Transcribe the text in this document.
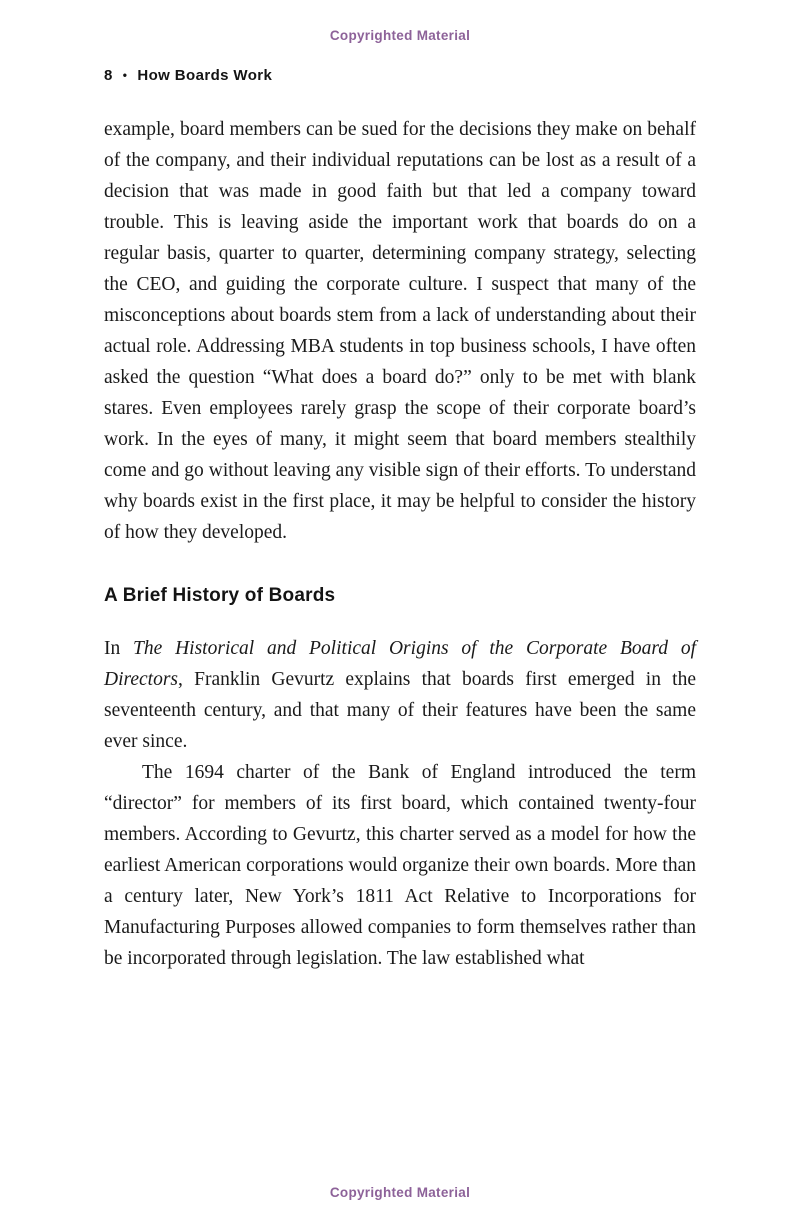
Copyrighted Material
8 • How Boards Work

example, board members can be sued for the decisions they make on behalf of the company, and their individual reputations can be lost as a result of a decision that was made in good faith but that led a company toward trouble. This is leaving aside the important work that boards do on a regular basis, quarter to quarter, determining company strategy, selecting the CEO, and guiding the corporate culture. I suspect that many of the misconceptions about boards stem from a lack of understanding about their actual role. Addressing MBA students in top business schools, I have often asked the question “What does a board do?” only to be met with blank stares. Even employees rarely grasp the scope of their corporate board’s work. In the eyes of many, it might seem that board members stealthily come and go without leaving any visible sign of their efforts. To understand why boards exist in the first place, it may be helpful to consider the history of how they developed.

A Brief History of Boards

In The Historical and Political Origins of the Corporate Board of Directors, Franklin Gevurtz explains that boards first emerged in the seventeenth century, and that many of their features have been the same ever since.

The 1694 charter of the Bank of England introduced the term “director” for members of its first board, which contained twenty-four members. According to Gevurtz, this charter served as a model for how the earliest American corporations would organize their own boards. More than a century later, New York’s 1811 Act Relative to Incorporations for Manufacturing Purposes allowed companies to form themselves rather than be incorporated through legislation. The law established what

Copyrighted Material
